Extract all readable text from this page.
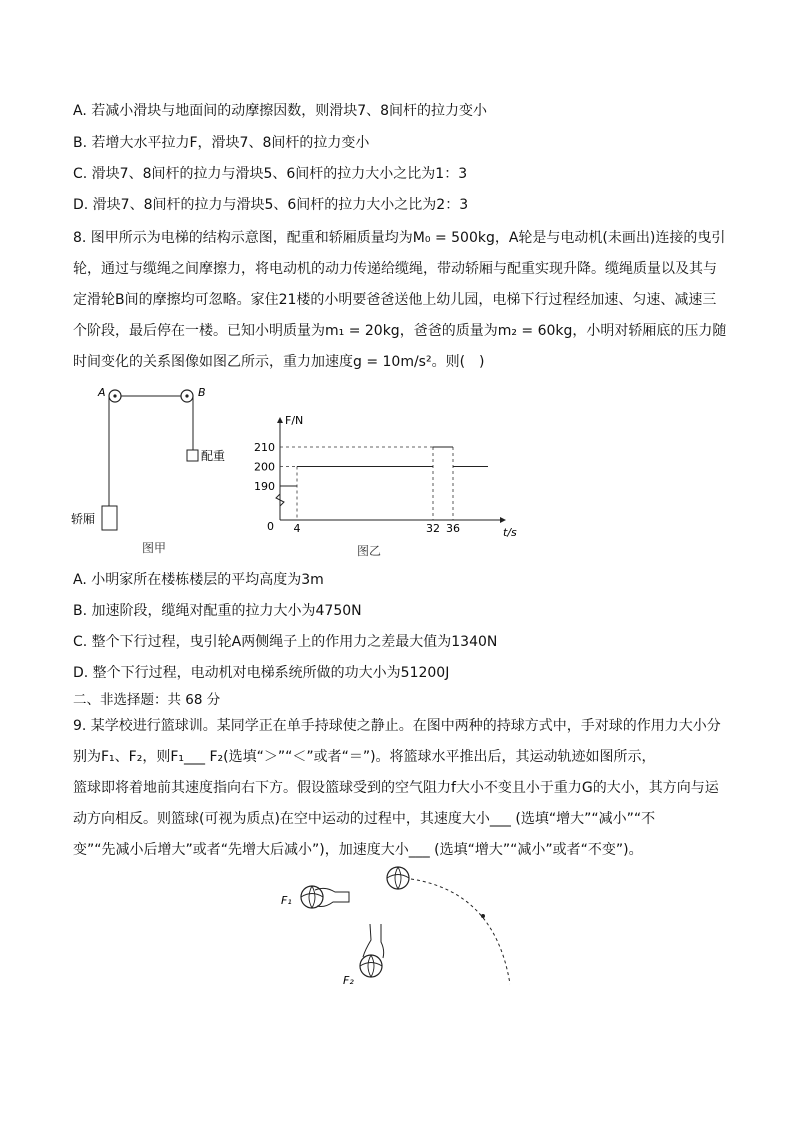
A. 若减小滑块与地面间的动摩擦因数，则滑块7、8间杆的拉力变小
B. 若增大水平拉力F，滑块7、8间杆的拉力变小
C. 滑块7、8间杆的拉力与滑块5、6间杆的拉力大小之比为1：3
D. 滑块7、8间杆的拉力与滑块5、6间杆的拉力大小之比为2：3
8. 图甲所示为电梯的结构示意图，配重和轿厢质量均为M₀ = 500kg，A轮是与电动机(未画出)连接的曳引
轮，通过与缆绳之间摩擦力，将电动机的动力传递给缆绳，带动轿厢与配重实现升降。缆绳质量以及其与
定滑轮B间的摩擦均可忽略。家住21楼的小明要爸爸送他上幼儿园，电梯下行过程经加速、匀速、减速三
个阶段，最后停在一楼。已知小明质量为m₁ = 20kg，爸爸的质量为m₂ = 60kg，小明对轿厢底的压力随
时间变化的关系图像如图乙所示，重力加速度g = 10m/s²。则(　)
A	B
配重
轿厢
图甲
F/N
t/s
0
190
200
210
4	32 36
图乙
A. 小明家所在楼栋楼层的平均高度为3m
B. 加速阶段，缆绳对配重的拉力大小为4750N
C. 整个下行过程，曳引轮A两侧绳子上的作用力之差最大值为1340N
D. 整个下行过程，电动机对电梯系统所做的功大小为51200J
二、非选择题：共 68 分
9. 某学校进行篮球训。某同学正在单手持球使之静止。在图中两种的持球方式中，手对球的作用力大小分
别为F₁、F₂，则F₁___ F₂(选填“＞”“＜”或者“＝”)。将篮球水平推出后，其运动轨迹如图所示，
篮球即将着地前其速度指向右下方。假设篮球受到的空气阻力f大小不变且小于重力G的大小，其方向与运
动方向相反。则篮球(可视为质点)在空中运动的过程中，其速度大小___ (选填“增大”“减小”“不
变”“先减小后增大”或者“先增大后减小”)，加速度大小___ (选填“增大”“减小”或者“不变”)。
F₁
F₂
